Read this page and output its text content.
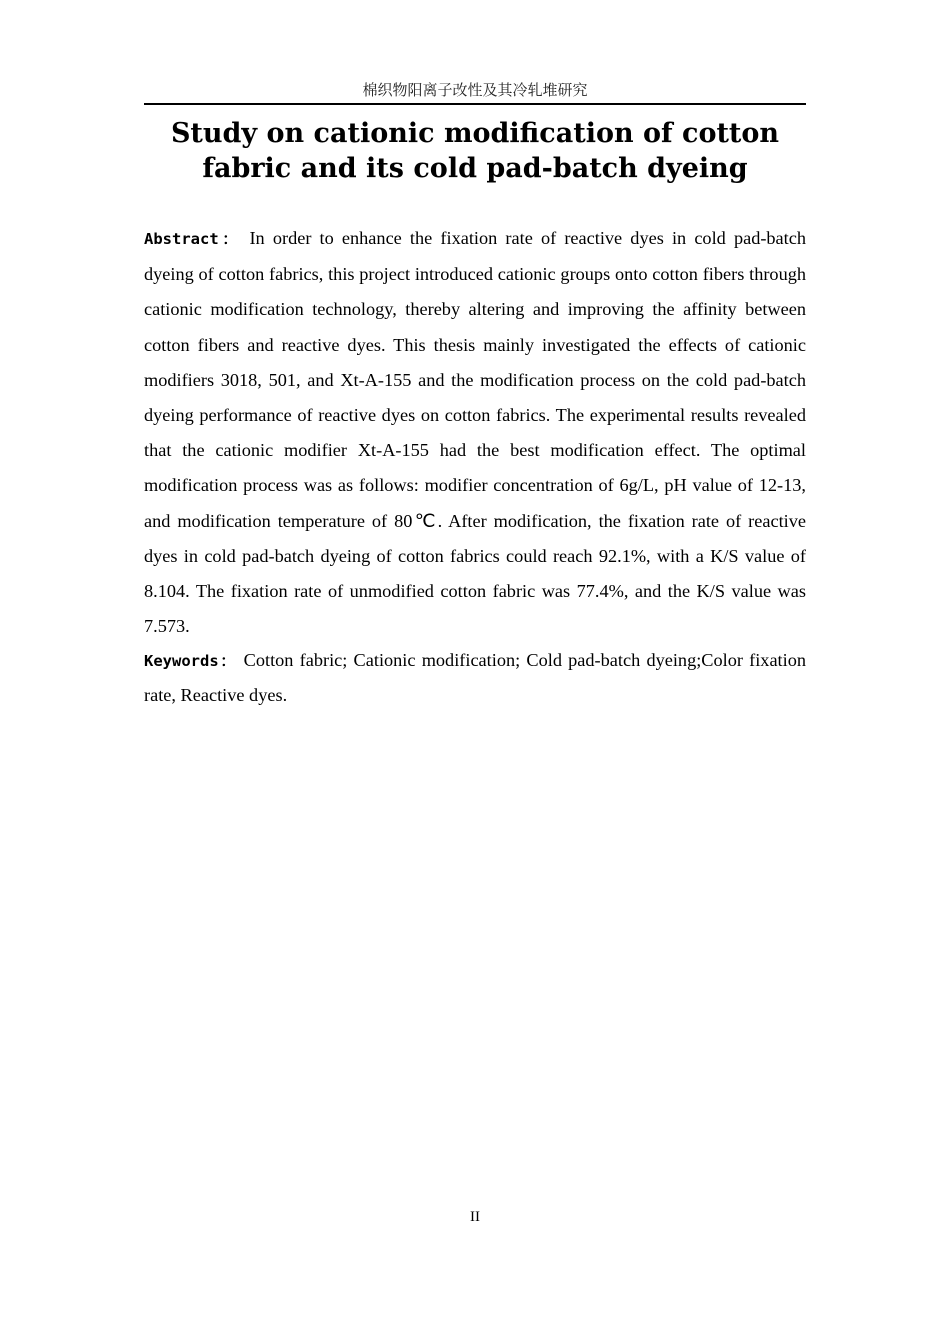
棉织物阳离子改性及其冷轧堆研究
Study on cationic modification of cotton fabric and its cold pad-batch dyeing

Abstract： In order to enhance the fixation rate of reactive dyes in cold pad-batch dyeing of cotton fabrics, this project introduced cationic groups onto cotton fibers through cationic modification technology, thereby altering and improving the affinity between cotton fibers and reactive dyes. This thesis mainly investigated the effects of cationic modifiers 3018, 501, and Xt-A-155 and the modification process on the cold pad-batch dyeing performance of reactive dyes on cotton fabrics. The experimental results revealed that the cationic modifier Xt-A-155 had the best modification effect. The optimal modification process was as follows: modifier concentration of 6g/L, pH value of 12-13, and modification temperature of 80℃. After modification, the fixation rate of reactive dyes in cold pad-batch dyeing of cotton fabrics could reach 92.1%, with a K/S value of 8.104. The fixation rate of unmodified cotton fabric was 77.4%, and the K/S value was 7.573.

Keywords： Cotton fabric; Cationic modification; Cold pad-batch dyeing;Color fixation rate, Reactive dyes.

II
